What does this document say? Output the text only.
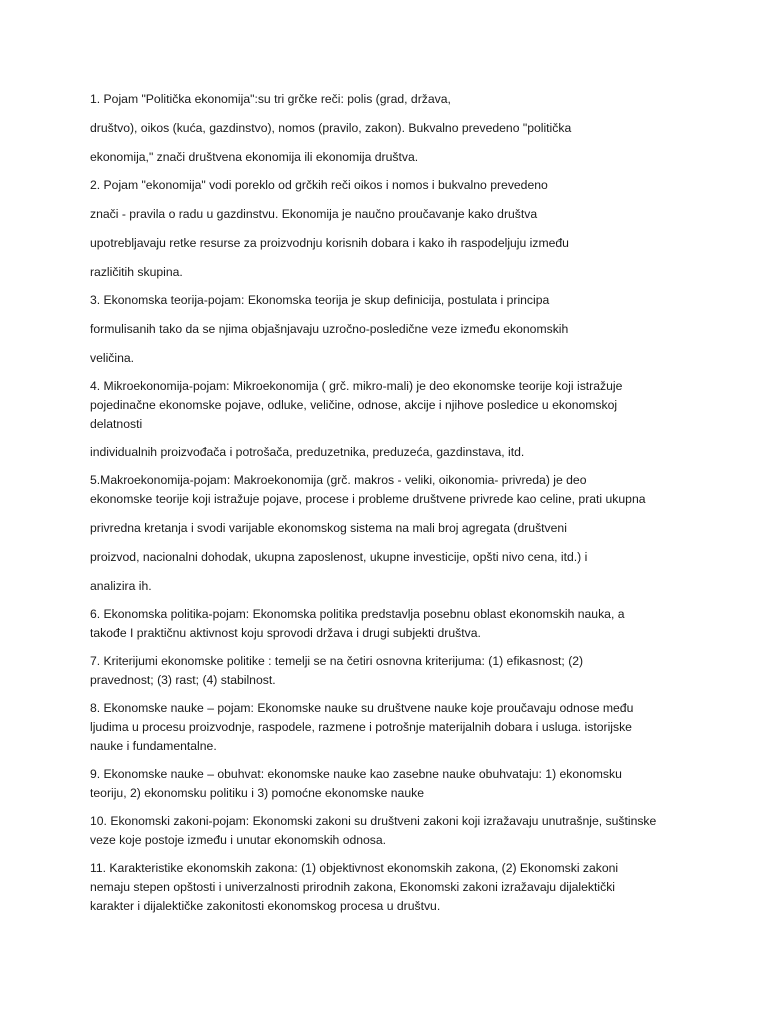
1. Pojam "Politička ekonomija":su tri grčke reči: polis (grad, država,
društvo), oikos (kuća, gazdinstvo), nomos (pravilo, zakon). Bukvalno prevedeno "politička
ekonomija," znači društvena ekonomija ili ekonomija društva.
2. Pojam "ekonomija" vodi poreklo od grčkih reči oikos i nomos i bukvalno prevedeno
znači - pravila o radu u gazdinstvu. Ekonomija je naučno proučavanje kako društva
upotrebljavaju retke resurse za proizvodnju korisnih dobara i kako ih raspodeljuju između
različitih skupina.
3. Ekonomska teorija-pojam: Ekonomska teorija je skup definicija, postulata i principa
formulisanih tako da se njima objašnjavaju uzročno-posledične veze između ekonomskih
veličina.
4. Mikroekonomija-pojam: Mikroekonomija ( grč. mikro-mali) je deo ekonomske teorije koji istražuje
pojedinačne ekonomske pojave, odluke, veličine, odnose, akcije i njihove posledice u ekonomskoj
delatnosti
individualnih proizvođača i potrošača, preduzetnika, preduzeća, gazdinstava, itd.
5.Makroekonomija-pojam: Makroekonomija (grč. makros - veliki, oikonomia- privreda) je deo
ekonomske teorije koji istražuje pojave, procese i probleme društvene privrede kao celine, prati ukupna
privredna kretanja i svodi varijable ekonomskog sistema na mali broj agregata (društveni
proizvod, nacionalni dohodak, ukupna zaposlenost, ukupne investicije, opšti nivo cena, itd.) i
analizira ih.
6. Ekonomska politika-pojam: Ekonomska politika predstavlja posebnu oblast ekonomskih nauka, a
takođe I praktičnu aktivnost koju sprovodi država i drugi subjekti društva.
7. Kriterijumi ekonomske politike : temelji se na četiri osnovna kriterijuma: (1) efikasnost; (2)
pravednost; (3) rast; (4) stabilnost.
8. Ekonomske nauke – pojam: Ekonomske nauke su društvene nauke koje proučavaju odnose među
ljudima u procesu proizvodnje, raspodele, razmene i potrošnje materijalnih dobara i usluga. istorijske
nauke i fundamentalne.
9. Ekonomske nauke – obuhvat: ekonomske nauke kao zasebne nauke obuhvataju: 1) ekonomsku
teoriju, 2) ekonomsku politiku i 3) pomoćne ekonomske nauke
10. Ekonomski zakoni-pojam: Ekonomski zakoni su društveni zakoni koji izražavaju unutrašnje, suštinske
veze koje postoje između i unutar ekonomskih odnosa.
11. Karakteristike ekonomskih zakona: (1) objektivnost ekonomskih zakona, (2) Ekonomski zakoni
nemaju stepen opštosti i univerzalnosti prirodnih zakona, Ekonomski zakoni izražavaju dijalektički
karakter i dijalektičke zakonitosti ekonomskog procesa u društvu.
